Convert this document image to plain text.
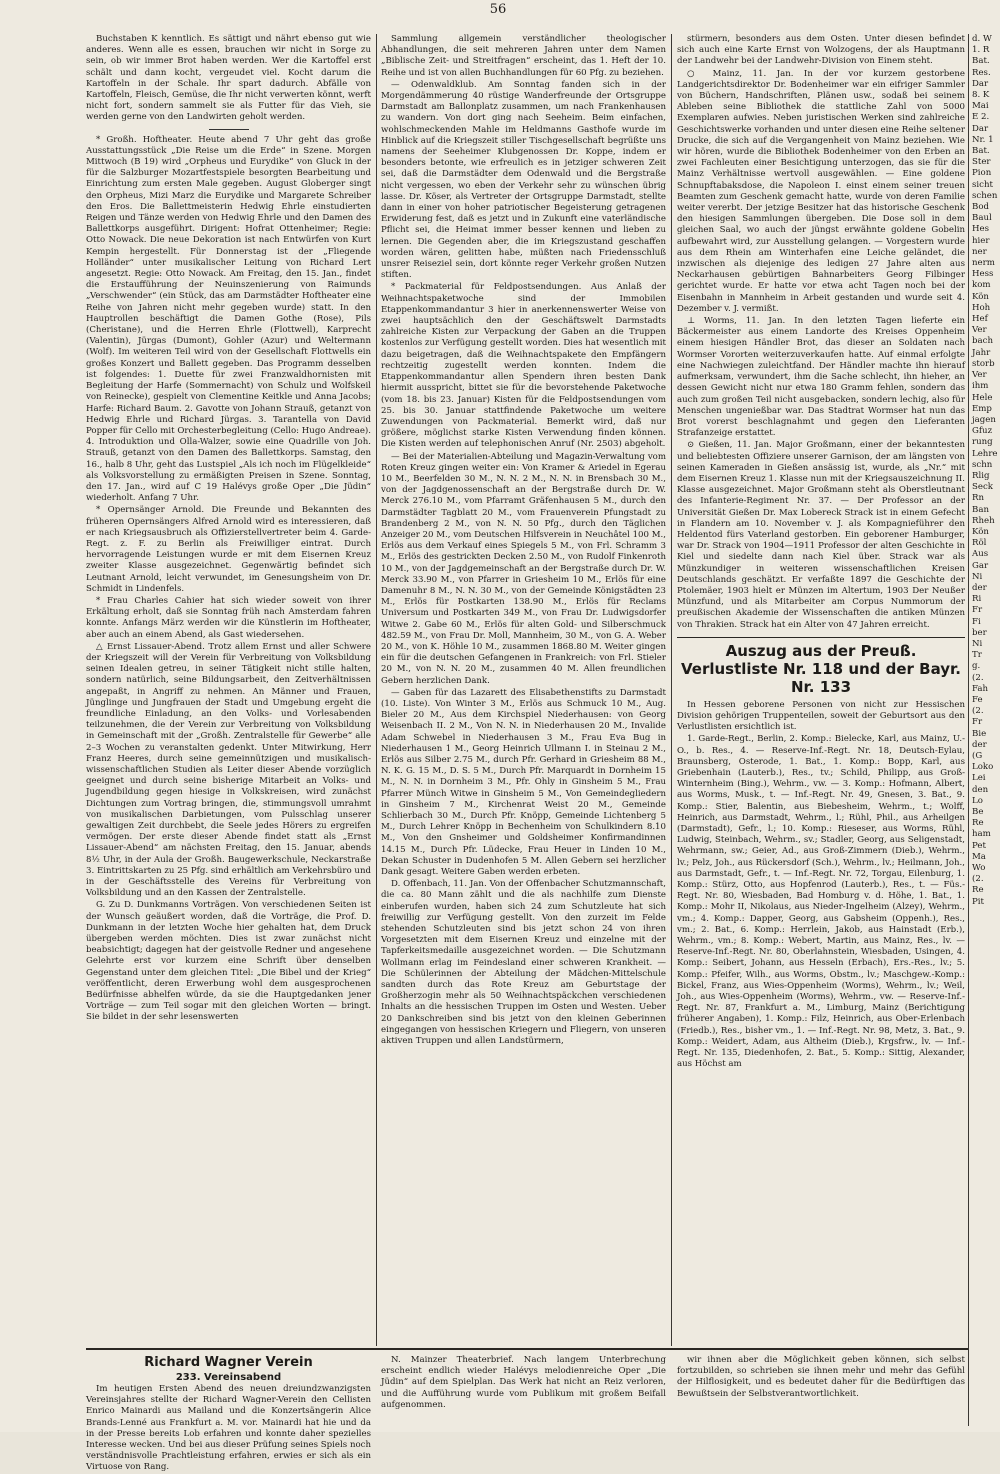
56

Buchstaben K kenntlich. Es sättigt und nährt ebenso gut wie anderes. Wenn alle es essen, brauchen wir nicht in Sorge zu sein, ob wir immer Brot haben werden. Wer die Kartoffel erst schält und dann kocht, vergeudet viel. Kocht darum die Kartoffeln in der Schale. Ihr spart dadurch. Abfälle von Kartoffeln, Fleisch, Gemüse, die Ihr nicht verwerten könnt, werft nicht fort, sondern sammelt sie als Futter für das Vieh, sie werden gerne von den Landwirten geholt werden.

* Großh. Hoftheater. Heute abend 7 Uhr geht das große Ausstattungsstück „Die Reise um die Erde“ in Szene. Morgen Mittwoch (B 19) wird „Orpheus und Eurydike“ von Gluck in der für die Salzburger Mozartfestspiele besorgten Bearbeitung und Einrichtung zum ersten Male gegeben. August Globerger singt den Orpheus, Mizi Marz die Eurydike und Margarete Schreiber den Eros. Die Ballettmeisterin Hedwig Ehrle einstudierten Reigen und Tänze werden von Hedwig Ehrle und den Damen des Ballettkorps ausgeführt. Dirigent: Hofrat Ottenheimer; Regie: Otto Nowack. Die neue Dekoration ist nach Entwürfen von Kurt Kempin hergestellt. Für Donnerstag ist der „Fliegende Holländer“ unter musikalischer Leitung von Richard Lert angesetzt. Regie: Otto Nowack. Am Freitag, den 15. Jan., findet die Erstaufführung der Neuinszenierung von Raimunds „Verschwender“ (ein Stück, das am Darmstädter Hoftheater eine Reihe von Jahren nicht mehr gegeben wurde) statt. In den Hauptrollen beschäftigt die Damen Gothe (Rose), Pils (Cheristane), und die Herren Ehrle (Flottwell), Karprecht (Valentin), Jürgas (Dumont), Gohler (Azur) und Weltermann (Wolf). Im weiteren Teil wird von der Gesellschaft Flottwells ein großes Konzert und Ballett gegeben. Das Programm desselben ist folgendes: 1. Duette für zwei Franzwaldhornisten mit Begleitung der Harfe (Sommernacht) von Schulz und Wolfskeil von Reinecke), gespielt von Clementine Keitkle und Anna Jacobs; Harfe: Richard Baum. 2. Gavotte von Johann Strauß, getanzt von Hedwig Ehrle und Richard Jürgas. 3. Tarantella von David Popper für Cello mit Orchesterbegleitung (Cello: Hugo Andreae). 4. Introduktion und Olla-Walzer, sowie eine Quadrille von Joh. Strauß, getanzt von den Damen des Ballettkorps. Samstag, den 16., halb 8 Uhr, geht das Lustspiel „Als ich noch im Flügelkleide“ als Volksvorstellung zu ermäßigten Preisen in Szene. Sonntag, den 17. Jan., wird auf C 19 Halévys große Oper „Die Jüdin“ wiederholt. Anfang 7 Uhr.

* Opernsänger Arnold. Die Freunde und Bekannten des früheren Opernsängers Alfred Arnold wird es interessieren, daß er nach Kriegsausbruch als Offizierstellvertreter beim 4. Garde-Regt. z. F. zu Berlin als Freiwilliger eintrat. Durch hervorragende Leistungen wurde er mit dem Eisernen Kreuz zweiter Klasse ausgezeichnet. Gegenwärtig befindet sich Leutnant Arnold, leicht verwundet, im Genesungsheim von Dr. Schmidt in Lindenfels.

* Frau Charles Cahier hat sich wieder soweit von ihrer Erkältung erholt, daß sie Sonntag früh nach Amsterdam fahren konnte. Anfangs März werden wir die Künstlerin im Hoftheater, aber auch an einem Abend, als Gast wiedersehen.

△ Ernst Lissauer-Abend. Trotz allem Ernst und aller Schwere der Kriegszeit will der Verein für Verbreitung von Volksbildung seinen Idealen getreu, in seiner Tätigkeit nicht stille halten, sondern natürlich, seine Bildungsarbeit, den Zeitverhältnissen angepaßt, in Angriff zu nehmen. An Männer und Frauen, Jünglinge und Jungfrauen der Stadt und Umgebung ergeht die freundliche Einladung, an den Volks- und Vorlesabenden teilzunehmen, die der Verein zur Verbreitung von Volksbildung in Gemeinschaft mit der „Großh. Zentralstelle für Gewerbe“ alle 2–3 Wochen zu veranstalten gedenkt. Unter Mitwirkung, Herr Franz Heeres, durch seine gemeinnützigen und musikalisch-wissenschaftlichen Studien als Leiter dieser Abende vorzüglich geeignet und durch seine bisherige Mitarbeit an Volks- und Jugendbildung gegen hiesige in Volkskreisen, wird zunächst Dichtungen zum Vortrag bringen, die, stimmungsvoll umrahmt von musikalischen Darbietungen, vom Pulsschlag unserer gewaltigen Zeit durchbebt, die Seele jedes Hörers zu ergreifen vermögen. Der erste dieser Abende findet statt als „Ernst Lissauer-Abend“ am nächsten Freitag, den 15. Januar, abends 8½ Uhr, in der Aula der Großh. Baugewerkschule, Neckarstraße 3. Eintrittskarten zu 25 Pfg. sind erhältlich am Verkehrsbüro und in der Geschäftsstelle des Vereins für Verbreitung von Volksbildung und an den Kassen der Zentralstelle.

G. Zu D. Dunkmanns Vorträgen. Von verschiedenen Seiten ist der Wunsch geäußert worden, daß die Vorträge, die Prof. D. Dunkmann in der letzten Woche hier gehalten hat, dem Druck übergeben werden möchten. Dies ist zwar zunächst nicht beabsichtigt; dagegen hat der geistvolle Redner und angesehene Gelehrte erst vor kurzem eine Schrift über denselben Gegenstand unter dem gleichen Titel: „Die Bibel und der Krieg“ veröffentlicht, deren Erwerbung wohl dem ausgesprochenen Bedürfnisse abhelfen würde, da sie die Hauptgedanken jener Vorträge — zum Teil sogar mit den gleichen Worten — bringt. Sie bildet in der sehr lesenswerten

Sammlung allgemein verständlicher theologischer Abhandlungen, die seit mehreren Jahren unter dem Namen „Biblische Zeit- und Streitfragen“ erscheint, das 1. Heft der 10. Reihe und ist von allen Buchhandlungen für 60 Pfg. zu beziehen.

— Odenwaldklub. Am Sonntag fanden sich in der Morgendämmerung 40 rüstige Wanderfreunde der Ortsgruppe Darmstadt am Ballonplatz zusammen, um nach Frankenhausen zu wandern. Von dort ging nach Seeheim. Beim einfachen, wohlschmeckenden Mahle im Heldmanns Gasthofe wurde im Hinblick auf die Kriegszeit stiller Tischgesellschaft begrüßte uns namens der Seeheimer Klubgenossen Dr. Koppe, indem er besonders betonte, wie erfreulich es in jetziger schweren Zeit sei, daß die Darmstädter dem Odenwald und die Bergstraße nicht vergessen, wo eben der Verkehr sehr zu wünschen übrig lasse. Dr. Köser, als Vertreter der Ortsgruppe Darmstadt, stellte dann in einer von hoher patriotischer Begeisterung getragenen Erwiderung fest, daß es jetzt und in Zukunft eine vaterländische Pflicht sei, die Heimat immer besser kennen und lieben zu lernen. Die Gegenden aber, die im Kriegszustand geschaffen worden wären, gelitten habe, müßten nach Friedensschluß unsrer Reiseziel sein, dort könnte reger Verkehr großen Nutzen stiften.

* Packmaterial für Feldpostsendungen. Aus Anlaß der Weihnachtspaketwoche sind der Immobilen Etappenkommandantur 3 hier in anerkennenswerter Weise von zwei hauptsächlich den der Geschäftswelt Darmstadts zahlreiche Kisten zur Verpackung der Gaben an die Truppen kostenlos zur Verfügung gestellt worden. Dies hat wesentlich mit dazu beigetragen, daß die Weihnachtspakete den Empfängern rechtzeitig zugestellt werden konnten. Indem die Etappenkommandantur allen Spendern ihren besten Dank hiermit ausspricht, bittet sie für die bevorstehende Paketwoche (vom 18. bis 23. Januar) Kisten für die Feldpostsendungen vom 25. bis 30. Januar stattfindende Paketwoche um weitere Zuwendungen von Packmaterial. Bemerkt wird, daß nur größere, möglichst starke Kisten Verwendung finden können. Die Kisten werden auf telephonischen Anruf (Nr. 2503) abgeholt.

— Bei der Materialien-Abteilung und Magazin-Verwaltung vom Roten Kreuz gingen weiter ein: Von Kramer & Ariedel in Egerau 10 M., Beerfelden 30 M., N. N. 2 M., N. N. in Brensbach 30 M., von der Jagdgenossenschaft an der Bergstraße durch Dr. W. Merck 276.10 M., vom Pfarramt Gräfenhausen 5 M., durch den Darmstädter Tagblatt 20 M., vom Frauenverein Pfungstadt zu Brandenberg 2 M., von N. N. 50 Pfg., durch den Täglichen Anzeiger 20 M., vom Deutschen Hilfsverein in Neuchâtel 100 M., Erlös aus dem Verkauf eines Spiegels 5 M., von Frl. Schramm 3 M., Erlös des gestrickten Decken 2.50 M., von Rudolf Finkenroth 10 M., von der Jagdgemeinschaft an der Bergstraße durch Dr. W. Merck 33.90 M., von Pfarrer in Griesheim 10 M., Erlös für eine Damenuhr 8 M., N. N. 30 M., von der Gemeinde Königstädten 23 M., Erlös für Postkarten 138.90 M., Erlös für Reclams Universum und Postkarten 349 M., von Frau Dr. Ludwigsdorfer Witwe 2. Gabe 60 M., Erlös für alten Gold- und Silberschmuck 482.59 M., von Frau Dr. Moll, Mannheim, 30 M., von G. A. Weber 20 M., von K. Höhle 10 M., zusammen 1868.80 M. Weiter gingen ein für die deutschen Gefangenen in Frankreich: von Frl. Stieler 20 M., von N. N. 20 M., zusammen 40 M. Allen freundlichen Gebern herzlichen Dank.

— Gaben für das Lazarett des Elisabethenstifts zu Darmstadt (10. Liste). Von Winter 3 M., Erlös aus Schmuck 10 M., Aug. Bieler 20 M., Aus dem Kirchspiel Niederhausen: von Georg Weisenbach II. 2 M., Von N. N. in Niederhausen 20 M., Invalide Adam Schwebel in Niederhausen 3 M., Frau Eva Bug in Niederhausen 1 M., Georg Heinrich Ullmann I. in Steinau 2 M., Erlös aus Silber 2.75 M., durch Pfr. Gerhard in Griesheim 88 M., N. K. G. 15 M., D. S. 5 M., Durch Pfr. Marquardt in Dornheim 15 M., N. N. in Dornheim 3 M., Pfr. Ohly in Ginsheim 5 M., Frau Pfarrer Münch Witwe in Ginsheim 5 M., Von Gemeindegliedern in Ginsheim 7 M., Kirchenrat Weist 20 M., Gemeinde Schlierbach 30 M., Durch Pfr. Knöpp, Gemeinde Lichtenberg 5 M., Durch Lehrer Knöpp in Bechenheim von Schulkindern 8.10 M., Von den Gnsheimer und Goldsheimer Konfirmandinnen 14.15 M., Durch Pfr. Lüdecke, Frau Heuer in Linden 10 M., Dekan Schuster in Dudenhofen 5 M. Allen Gebern sei herzlicher Dank gesagt. Weitere Gaben werden erbeten.

D. Offenbach, 11. Jan. Von der Offenbacher Schutzmannschaft, die ca. 80 Mann zählt und die als nachhilfe zum Dienste einberufen wurden, haben sich 24 zum Schutzleute hat sich freiwillig zur Verfügung gestellt. Von den zurzeit im Felde stehenden Schutzleuten sind bis jetzt schon 24 von ihren Vorgesetzten mit dem Eisernen Kreuz und einzelne mit der Tapferkeitsmedaille ausgezeichnet worden. — Die Schutzmann Wollmann erlag im Feindesland einer schweren Krankheit. — Die Schülerinnen der Abteilung der Mädchen-Mittelschule sandten durch das Rote Kreuz am Geburtstage der Großherzogin mehr als 50 Weihnachtspäckchen verschiedenen Inhalts an die hessischen Truppen im Osten und Westen. Ueber 20 Dankschreiben sind bis jetzt von den kleinen Geberinnen eingegangen von hessischen Kriegern und Fliegern, von unseren aktiven Truppen und allen Landstürmern,

stürmern, besonders aus dem Osten. Unter diesen befindet sich auch eine Karte Ernst von Wolzogens, der als Hauptmann der Landwehr bei der Landwehr-Division von Einem steht.

○ Mainz, 11. Jan. In der vor kurzem gestorbene Landgerichtsdirektor Dr. Bodenheimer war ein eifriger Sammler von Büchern, Handschriften, Plänen usw., sodaß bei seinem Ableben seine Bibliothek die stattliche Zahl von 5000 Exemplaren aufwies. Neben juristischen Werken sind zahlreiche Geschichtswerke vorhanden und unter diesen eine Reihe seltener Drucke, die sich auf die Vergangenheit von Mainz beziehen. Wie wir hören, wurde die Bibliothek Bodenheimer von den Erben an zwei Fachleuten einer Besichtigung unterzogen, das sie für die Mainz Verhältnisse wertvoll ausgewählen. — Eine goldene Schnupftabaksdose, die Napoleon I. einst einem seiner treuen Beamten zum Geschenk gemacht hatte, wurde von deren Familie weiter vererbt. Der jetzige Besitzer hat das historische Geschenk den hiesigen Sammlungen übergeben. Die Dose soll in dem gleichen Saal, wo auch der jüngst erwähnte goldene Gobelin aufbewahrt wird, zur Ausstellung gelangen. — Vorgestern wurde aus dem Rhein am Winterhafen eine Leiche geländet, die inzwischen als diejenige des ledigen 27 Jahre alten aus Neckarhausen gebürtigen Bahnarbeiters Georg Filbinger gerichtet wurde. Er hatte vor etwa acht Tagen noch bei der Eisenbahn in Mannheim in Arbeit gestanden und wurde seit 4. Dezember v. J. vermißt.

⊥ Worms, 11. Jan. In den letzten Tagen lieferte ein Bäckermeister aus einem Landorte des Kreises Oppenheim einem hiesigen Händler Brot, das dieser an Soldaten nach Wormser Vororten weiterzuverkaufen hatte. Auf einmal erfolgte eine Nachwiegen zuleichtfand. Der Händler machte ihn hierauf aufmerksam, verwundert, ihm die Sache schlecht, ihn hieher, an dessen Gewicht nicht nur etwa 180 Gramm fehlen, sondern das auch zum großen Teil nicht ausgebacken, sondern lechig, also für Menschen ungenießbar war. Das Stadtrat Wormser hat nun das Brot vorerst beschlagnahmt und gegen den Lieferanten Strafanzeige erstattet.

⊙ Gießen, 11. Jan. Major Großmann, einer der bekanntesten und beliebtesten Offiziere unserer Garnison, der am längsten von seinen Kameraden in Gießen ansässig ist, wurde, als „Nr.“ mit dem Eisernen Kreuz 1. Klasse nun mit der Kriegsauszeichnung II. Klasse ausgezeichnet. Major Großmann steht als Oberstleutnant des Infanterie-Regiment Nr. 37. — Der Professor an der Universität Gießen Dr. Max Lobereck Strack ist in einem Gefecht in Flandern am 10. November v. J. als Kompagnieführer den Heldentod fürs Vaterland gestorben. Ein geborener Hamburger, war Dr. Strack von 1904—1911 Professor der alten Geschichte in Kiel und siedelte dann nach Kiel über. Strack war als Münzkundiger in weiteren wissenschaftlichen Kreisen Deutschlands geschätzt. Er verfaßte 1897 die Geschichte der Ptolemäer, 1903 hielt er Münzen im Altertum, 1903 Der Neußer Münzfund, und als Mitarbeiter am Corpus Nummorum der preußischen Akademie der Wissenschaften die antiken Münzen von Thrakien. Strack hat ein Alter von 47 Jahren erreicht.

Auszug aus der Preuß. Verlustliste Nr. 118 und der Bayr. Nr. 133

In Hessen geborene Personen von nicht zur Hessischen Division gehörigen Truppenteilen, soweit der Geburtsort aus den Verlustlisten ersichtlich ist.

1. Garde-Regt., Berlin, 2. Komp.: Bielecke, Karl, aus Mainz, U.-O., b. Res., 4. — Reserve-Inf.-Regt. Nr. 18, Deutsch-Eylau, Braunsberg, Osterode, 1. Bat., 1. Komp.: Bopp, Karl, aus Griebenhain (Lauterb.), Res., tv.; Schild, Philipp, aus Groß-Winternheim (Bing.), Wehrm., vw. — 3. Komp.: Hofmann, Albert, aus Worms, Musk., t. — Inf.-Regt. Nr. 49, Gnesen, 3. Bat., 9. Komp.: Stier, Balentin, aus Biebesheim, Wehrm., t.; Wolff, Heinrich, aus Darmstadt, Wehrm., l.; Rühl, Phil., aus Arheilgen (Darmstadt), Gefr., l.; 10. Komp.: Rieseser, aus Worms, Rühl, Ludwig, Steinbach, Wehrm., sv.; Stadler, Georg, aus Seligenstadt, Wehrmann, sw.; Geier, Ad., aus Groß-Zimmern (Dieb.), Wehrm., lv.; Pelz, Joh., aus Rückersdorf (Sch.), Wehrm., lv.; Heilmann, Joh., aus Darmstadt, Gefr., t. — Inf.-Regt. Nr. 72, Torgau, Eilenburg, 1. Komp.: Stürz, Otto, aus Hopfenrod (Lauterb.), Res., t. — Füs.-Regt. Nr. 80, Wiesbaden, Bad Homburg v. d. Höhe, 1. Bat., 1. Komp.: Mohr II, Nikolaus, aus Nieder-Ingelheim (Alzey), Wehrm., vm.; 4. Komp.: Dapper, Georg, aus Gabsheim (Oppenh.), Res., vm.; 2. Bat., 6. Komp.: Herrlein, Jakob, aus Hainstadt (Erb.), Wehrm., vm.; 8. Komp.: Webert, Martin, aus Mainz, Res., lv. — Reserve-Inf.-Regt. Nr. 80, Oberlahnstein, Wiesbaden, Usingen, 4. Komp.: Seibert, Johann, aus Hesseln (Erbach), Ers.-Res., lv.; 5. Komp.: Pfeifer, Wilh., aus Worms, Obstm., lv.; Maschgew.-Komp.: Bickel, Franz, aus Wies-Oppenheim (Worms), Wehrm., lv.; Weil, Joh., aus Wies-Oppenheim (Worms), Wehrm., vw. — Reserve-Inf.-Regt. Nr. 87, Frankfurt a. M., Limburg, Mainz (Berichtigung früherer Angaben), 1. Komp.: Filz, Heinrich, aus Ober-Erlenbach (Friedb.), Res., bisher vm., 1. — Inf.-Regt. Nr. 98, Metz, 3. Bat., 9. Komp.: Weidert, Adam, aus Altheim (Dieb.), Krgsfrw., lv. — Inf.-Regt. Nr. 135, Diedenhofen, 2. Bat., 5. Komp.: Sittig, Alexander, aus Höchst am

d. W

1. R

Bat.

Res.

Dar

8. K

Mai

E 2.

Dar

Nr. 1

Bat.

Ster

Pion

sicht

schen

Bod

Baul

Hes

hier

ner

nerm

Hess

kom

Kön

Hoh

Hef

Ver

bach

Jahr

storb

Ver

ihm

Hele

Emp

jagen

Gfuz

rung

Lehre

schn

Rlig

Seck

Rn

Ban

Rheh

Kön

Röl

Aus

Gar

Ni

der

Ri

Fr

Fi

ber

Ni

Tr

g.

(2.

Fah

Fe

(2.

Fr

Bie

der

(G

Loko

Lei

den

Lo

Be

Re

ham

Pet

Ma

Wo

(2.

Re

Pit

Richard Wagner Verein
233. Vereinsabend

Im heutigen Ersten Abend des neuen dreiundzwanzigsten Vereinsjahres stellte der Richard Wagner-Verein den Cellisten Enrico Mainardi aus Mailand und die Konzertsängerin Alice Brands-Lenné aus Frankfurt a. M. vor. Mainardi hat hie und da in der Presse bereits Lob erfahren und konnte daher spezielles Interesse wecken. Und bei aus dieser Prüfung seines Spiels noch verständnisvolle Prachtleistung erfahren, erwies er sich als ein Virtuose von Rang.

N. Mainzer Theaterbrief. Nach langem Unterbrechung erscheint endlich wieder Halévys melodienreiche Oper „Die Jüdin“ auf dem Spielplan. Das Werk hat nicht an Reiz verloren, und die Aufführung wurde vom Publikum mit großem Beifall aufgenommen.

wir ihnen aber die Möglichkeit geben können, sich selbst fortzubilden, so schrieben sie ihnen mehr und mehr das Gefühl der Hilflosigkeit, und es bedeutet daher für die Bedürftigen das Bewußtsein der Selbstverantwortlichkeit.
